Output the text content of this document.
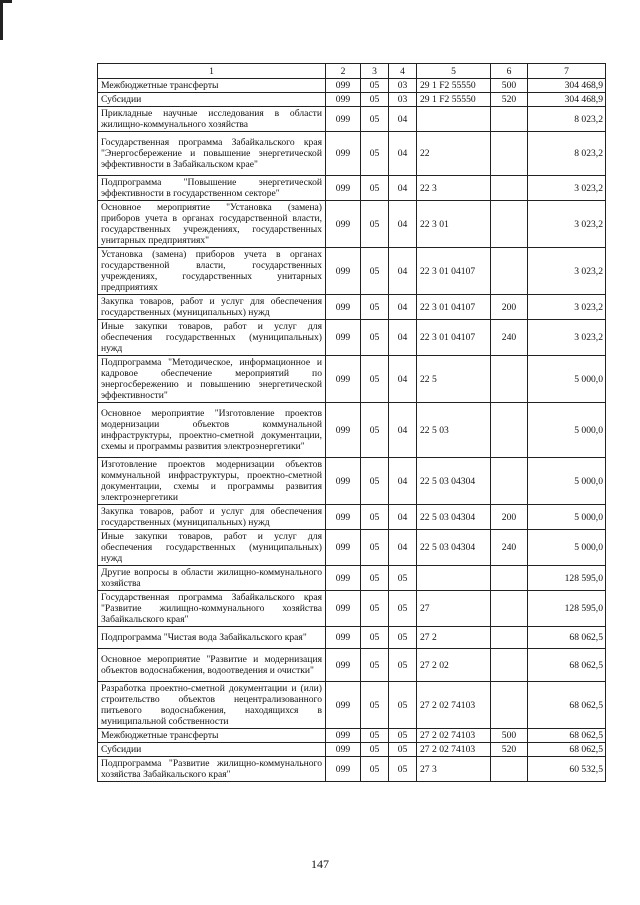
1	2	3	4	5	6	7
Межбюджетные трансферты	099	05	03	29 1 F2 55550	500	304 468,9
Субсидии	099	05	03	29 1 F2 55550	520	304 468,9
Прикладные научные исследования в области жилищно-коммунального хозяйства	099	05	04			8 023,2
Государственная программа Забайкальского края "Энергосбережение и повышение энергетической эффективности в Забайкальском крае"	099	05	04	22		8 023,2
Подпрограмма "Повышение энергетической эффективности в государственном секторе"	099	05	04	22 3		3 023,2
Основное мероприятие "Установка (замена) приборов учета в органах государственной власти, государственных учреждениях, государственных унитарных предприятиях"	099	05	04	22 3 01		3 023,2
Установка (замена) приборов учета в органах государственной власти, государственных учреждениях, государственных унитарных предприятиях	099	05	04	22 3 01 04107		3 023,2
Закупка товаров, работ и услуг для обеспечения государственных (муниципальных) нужд	099	05	04	22 3 01 04107	200	3 023,2
Иные закупки товаров, работ и услуг для обеспечения государственных (муниципальных) нужд	099	05	04	22 3 01 04107	240	3 023,2
Подпрограмма "Методическое, информационное и кадровое обеспечение мероприятий по энергосбережению и повышению энергетической эффективности"	099	05	04	22 5		5 000,0
Основное мероприятие "Изготовление проектов модернизации объектов коммунальной инфраструктуры, проектно-сметной документации, схемы и программы развития электроэнергетики"	099	05	04	22 5 03		5 000,0
Изготовление проектов модернизации объектов коммунальной инфраструктуры, проектно-сметной документации, схемы и программы развития электроэнергетики	099	05	04	22 5 03 04304		5 000,0
Закупка товаров, работ и услуг для обеспечения государственных (муниципальных) нужд	099	05	04	22 5 03 04304	200	5 000,0
Иные закупки товаров, работ и услуг для обеспечения государственных (муниципальных) нужд	099	05	04	22 5 03 04304	240	5 000,0
Другие вопросы в области жилищно-коммунального хозяйства	099	05	05			128 595,0
Государственная программа Забайкальского края "Развитие жилищно-коммунального хозяйства Забайкальского края"	099	05	05	27		128 595,0
Подпрограмма "Чистая вода Забайкальского края"	099	05	05	27 2		68 062,5
Основное мероприятие "Развитие и модернизация объектов водоснабжения, водоотведения и очистки"	099	05	05	27 2 02		68 062,5
Разработка проектно-сметной документации и (или) строительство объектов нецентрализованного питьевого водоснабжения, находящихся в муниципальной собственности	099	05	05	27 2 02 74103		68 062,5
Межбюджетные трансферты	099	05	05	27 2 02 74103	500	68 062,5
Субсидии	099	05	05	27 2 02 74103	520	68 062,5
Подпрограмма "Развитие жилищно-коммунального хозяйства Забайкальского края"	099	05	05	27 3		60 532,5
147
